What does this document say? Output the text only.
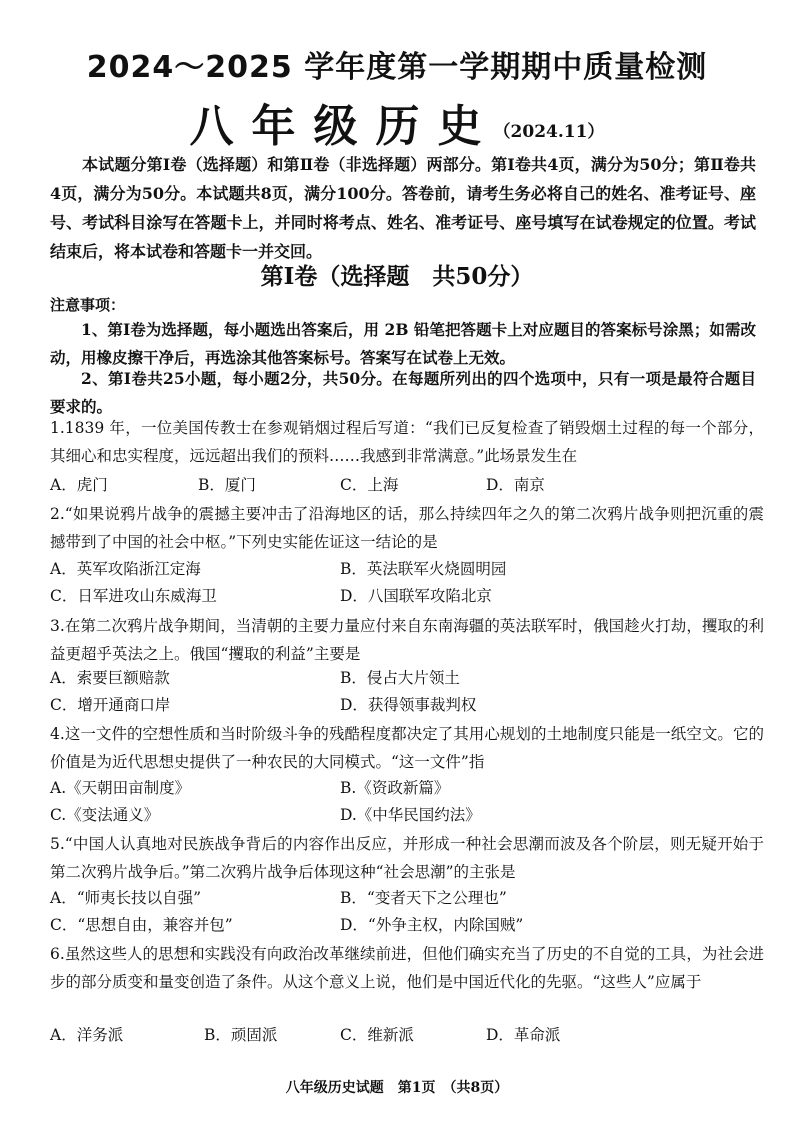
2024～2025 学年度第一学期期中质量检测
八年级历史（2024.11）
本试题分第Ⅰ卷（选择题）和第Ⅱ卷（非选择题）两部分。第Ⅰ卷共4页，满分为50分；第Ⅱ卷共4页，满分为50分。本试题共8页，满分100分。答卷前，请考生务必将自己的姓名、准考证号、座号、考试科目涂写在答题卡上，并同时将考点、姓名、准考证号、座号填写在试卷规定的位置。考试结束后，将本试卷和答题卡一并交回。
第Ⅰ卷（选择题　共50分）
注意事项：
1、第Ⅰ卷为选择题，每小题选出答案后，用 2B 铅笔把答题卡上对应题目的答案标号涂黑；如需改动，用橡皮擦干净后，再选涂其他答案标号。答案写在试卷上无效。
2、第Ⅰ卷共25小题，每小题2分，共50分。在每题所列出的四个选项中，只有一项是最符合题目要求的。
1.1839 年，一位美国传教士在参观销烟过程后写道：“我们已反复检查了销毁烟土过程的每一个部分，其细心和忠实程度，远远超出我们的预料……我感到非常满意。”此场景发生在
A．虎门	B．厦门	C．上海	D．南京
2.“如果说鸦片战争的震撼主要冲击了沿海地区的话，那么持续四年之久的第二次鸦片战争则把沉重的震撼带到了中国的社会中枢。”下列史实能佐证这一结论的是
A．英军攻陷浙江定海	B．英法联军火烧圆明园
C．日军进攻山东威海卫	D．八国联军攻陷北京
3.在第二次鸦片战争期间，当清朝的主要力量应付来自东南海疆的英法联军时，俄国趁火打劫，攫取的利益更超乎英法之上。俄国“攫取的利益”主要是
A．索要巨额赔款	B．侵占大片领土
C．增开通商口岸	D．获得领事裁判权
4.这一文件的空想性质和当时阶级斗争的残酷程度都决定了其用心规划的土地制度只能是一纸空文。它的价值是为近代思想史提供了一种农民的大同模式。“这一文件”指
A.《天朝田亩制度》	B.《资政新篇》
C.《变法通义》	D.《中华民国约法》
5.“中国人认真地对民族战争背后的内容作出反应，并形成一种社会思潮而波及各个阶层，则无疑开始于第二次鸦片战争后。”第二次鸦片战争后体现这种“社会思潮”的主张是
A．“师夷长技以自强”	B．“变者天下之公理也”
C．“思想自由，兼容并包”	D．“外争主权，内除国贼”
6.虽然这些人的思想和实践没有向政治改革继续前进，但他们确实充当了历史的不自觉的工具，为社会进步的部分质变和量变创造了条件。从这个意义上说，他们是中国近代化的先驱。“这些人”应属于
A．洋务派	B．顽固派	C．维新派	D．革命派
八年级历史试题　第1页　（共8页）
